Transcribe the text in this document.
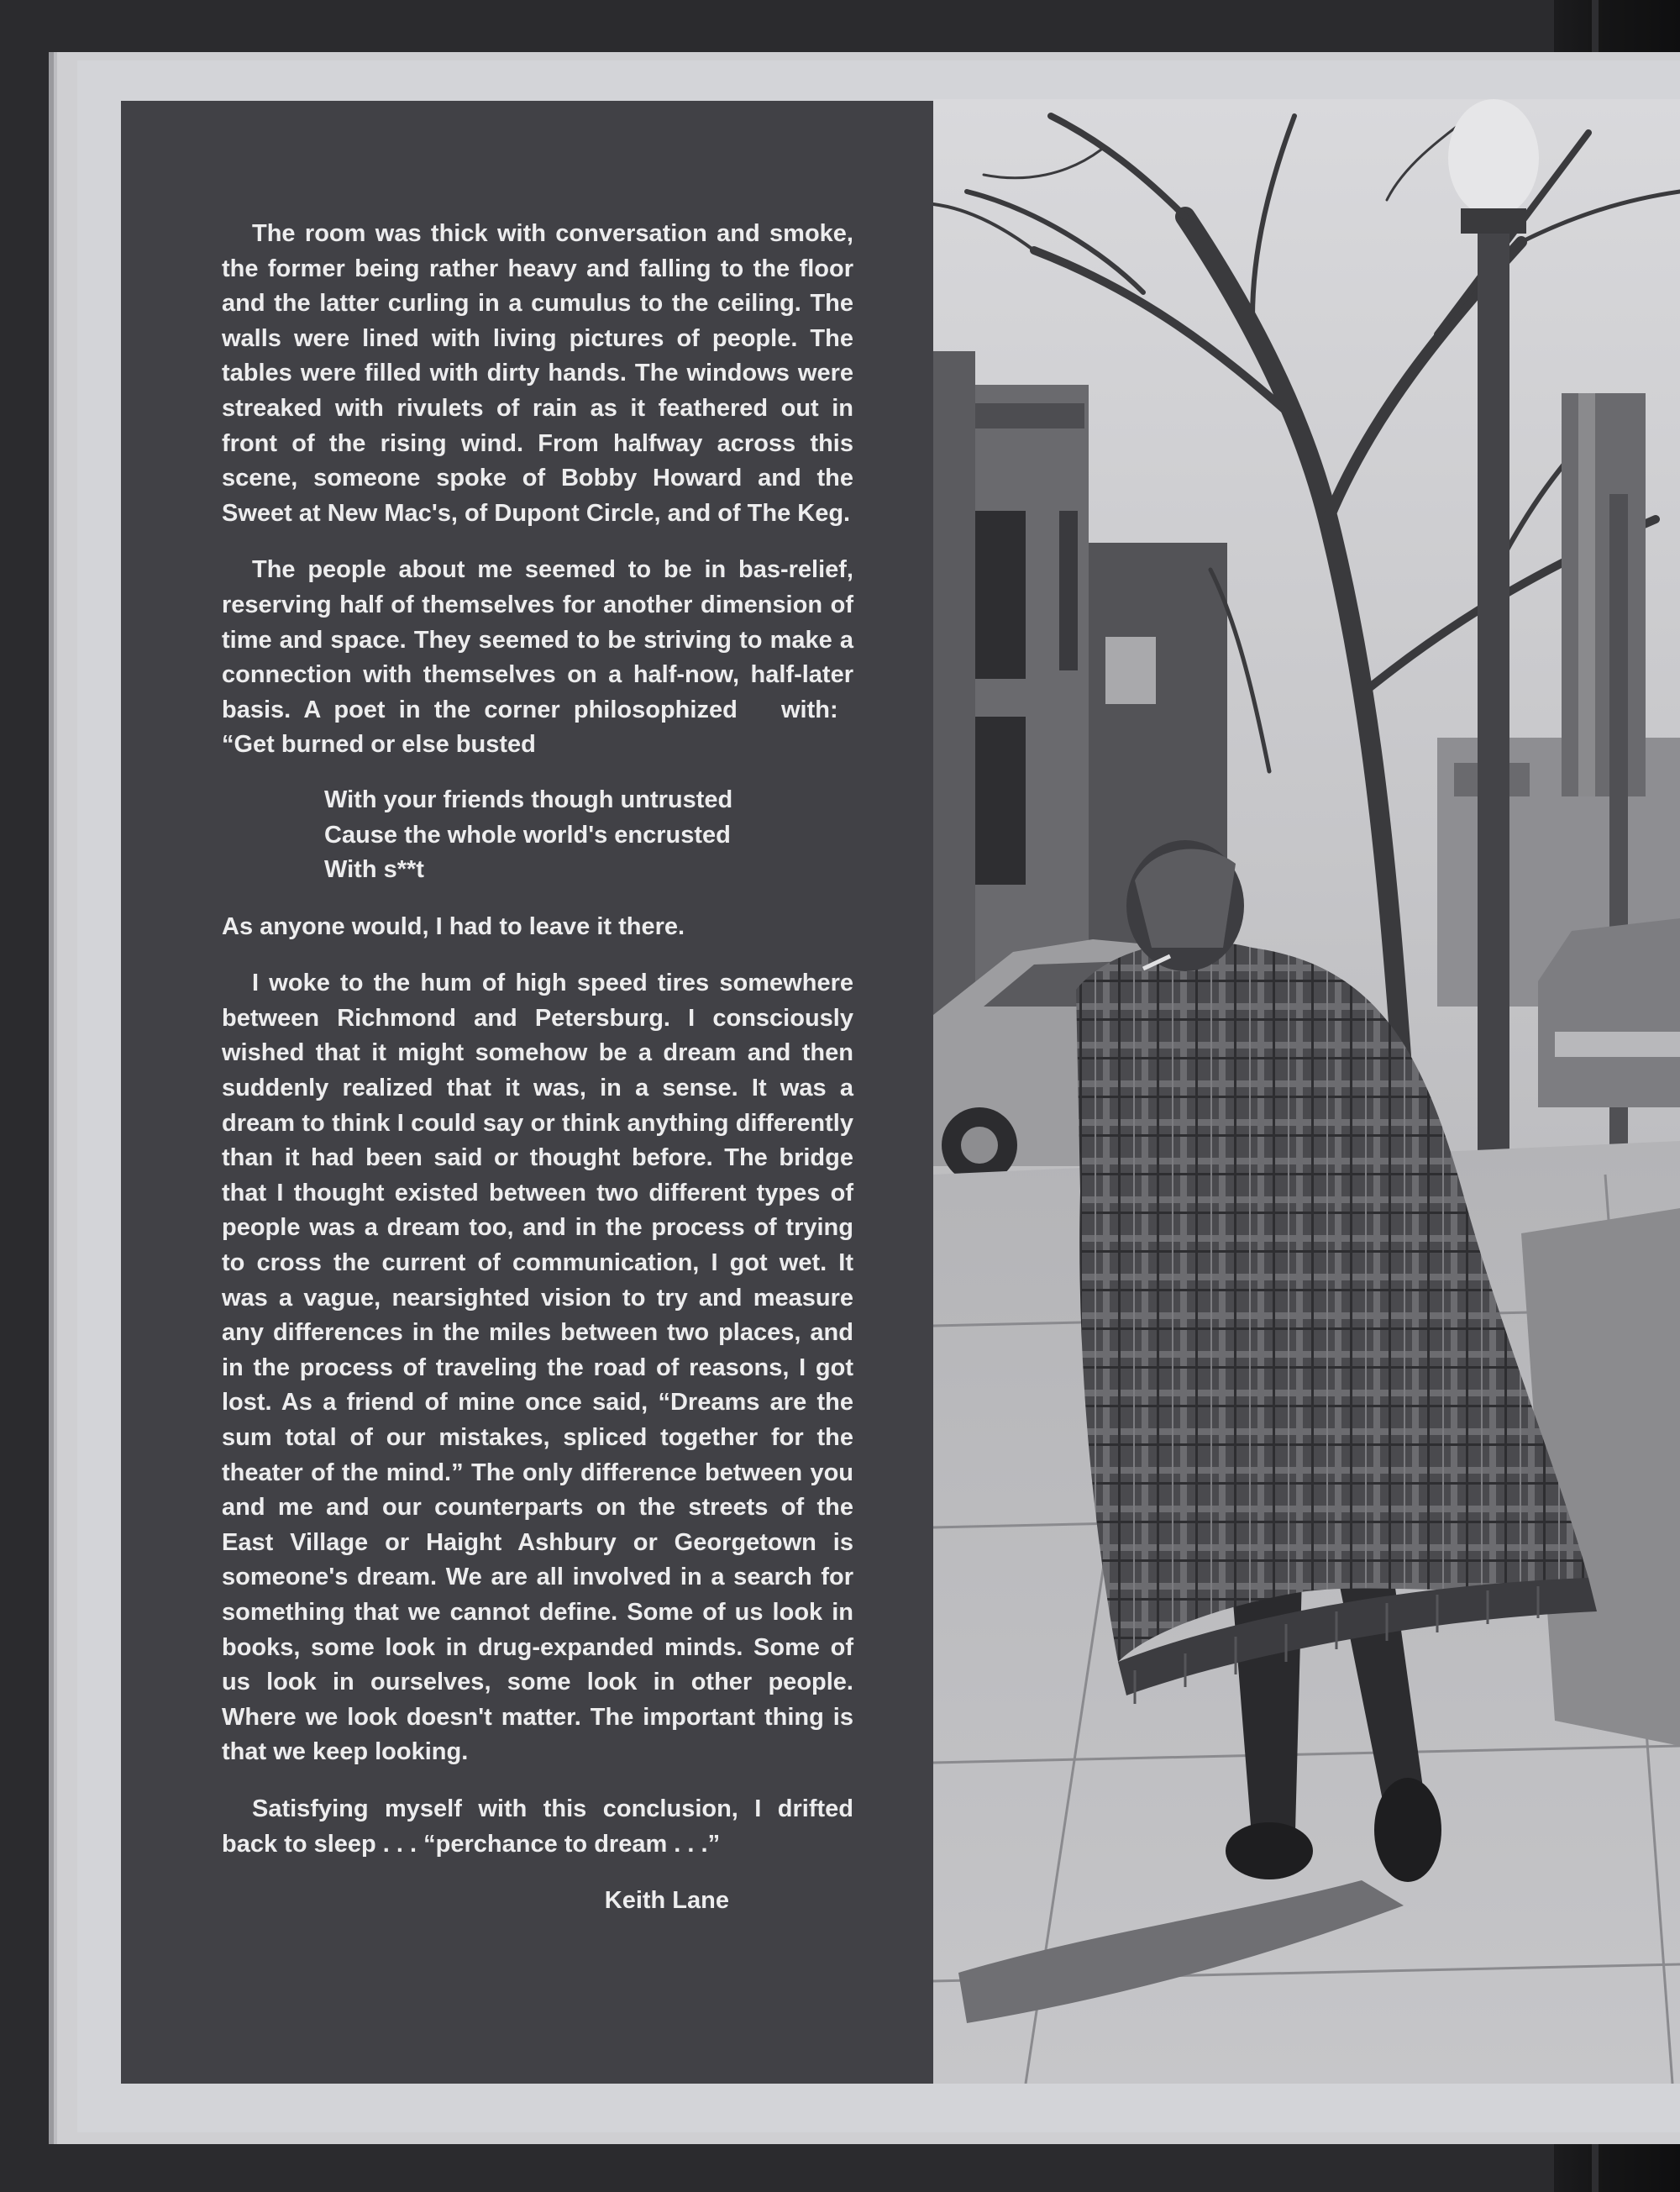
The room was thick with conversation and smoke, the former being rather heavy and falling to the floor and the latter curling in a cumulus to the ceiling. The walls were lined with living pictures of people. The tables were filled with dirty hands. The windows were streaked with rivulets of rain as it feathered out in front of the rising wind. From halfway across this scene, someone spoke of Bobby Howard and the Sweet at New Mac's, of Dupont Circle, and of The Keg.

The people about me seemed to be in bas-relief, reserving half of themselves for another dimension of time and space. They seemed to be striving to make a connection with themselves on a half-now, half-later basis. A poet in the corner philosophized with:“Get burned or else busted

With your friends though untrusted
Cause the whole world's encrusted
With s**t

As anyone would, I had to leave it there.

I woke to the hum of high speed tires somewhere between Richmond and Petersburg. I consciously wished that it might somehow be a dream and then suddenly realized that it was, in a sense. It was a dream to think I could say or think anything differently than it had been said or thought before. The bridge that I thought existed between two different types of people was a dream too, and in the process of trying to cross the current of communication, I got wet. It was a vague, nearsighted vision to try and measure any differences in the miles between two places, and in the process of traveling the road of reasons, I got lost. As a friend of mine once said, “Dreams are the sum total of our mistakes, spliced together for the theater of the mind.” The only difference between you and me and our counterparts on the streets of the East Village or Haight Ashbury or Georgetown is someone's dream. We are all involved in a search for something that we cannot define. Some of us look in books, some look in drug-expanded minds. Some of us look in ourselves, some look in other people. Where we look doesn't matter. The important thing is that we keep looking.

Satisfying myself with this conclusion, I drifted back to sleep . . . “perchance to dream . . .”

Keith Lane
